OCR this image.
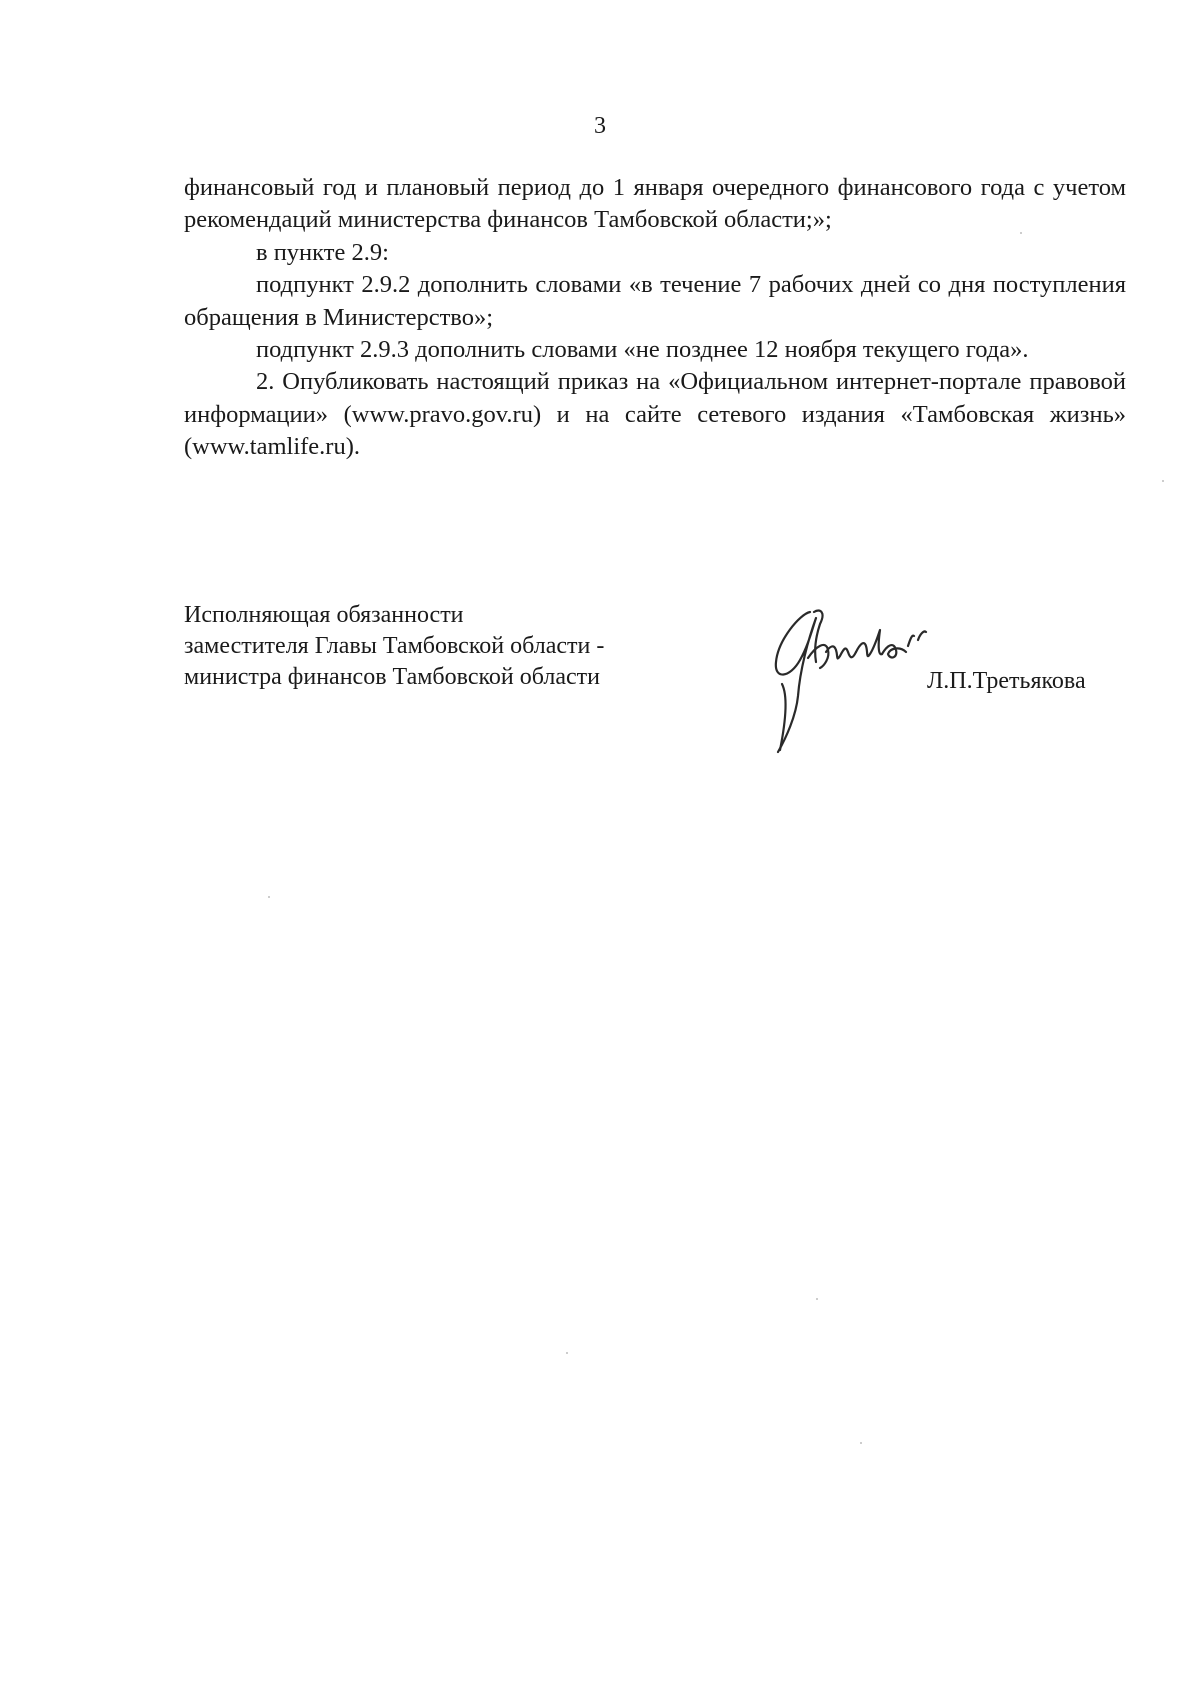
3

финансовый год и плановый период до 1 января очередного финансового года с учетом рекомендаций министерства финансов Тамбовской области;»;

в пункте 2.9:

подпункт 2.9.2 дополнить словами «в течение 7 рабочих дней со дня поступления обращения в Министерство»;

подпункт 2.9.3 дополнить словами «не позднее 12 ноября текущего года».

2. Опубликовать настоящий приказ на «Официальном интернет-портале правовой информации» (www.pravo.gov.ru) и на сайте сетевого издания «Тамбовская жизнь» (www.tamlife.ru).

Исполняющая обязанности
заместителя Главы Тамбовской области -
министра финансов Тамбовской области	Л.П.Третьякова
